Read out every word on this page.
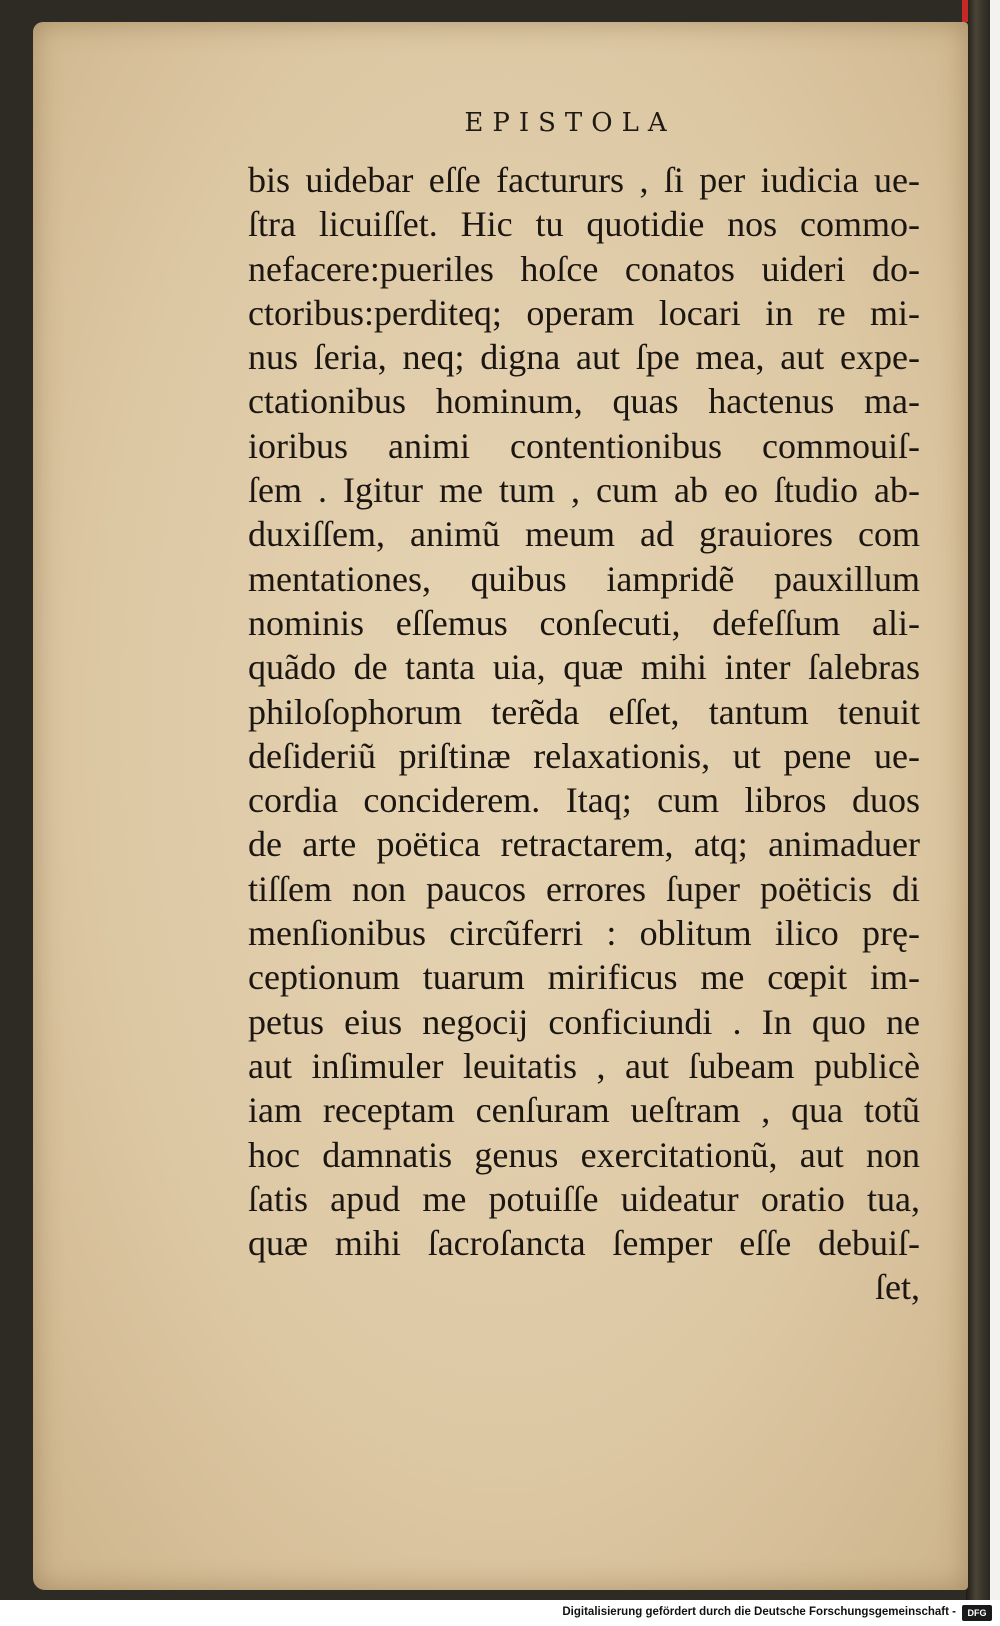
EPISTOLA
bis uidebar eſſe factururs , ſi per iudicia ue-
ſtra licuiſſet. Hic tu quotidie nos commo-
nefacere:pueriles hoſce conatos uideri do-
ctoribus:perditeq; operam locari in re mi-
nus ſeria, neq; digna aut ſpe mea, aut expe-
ctationibus hominum, quas hactenus ma-
ioribus animi contentionibus commouiſ-
ſem . Igitur me tum , cum ab eo ſtudio ab-
duxiſſem, animũ meum ad grauiores com
mentationes, quibus iampridẽ pauxillum
nominis eſſemus conſecuti, defeſſum ali-
quãdo de tanta uia, quæ mihi inter ſalebras
philoſophorum terẽda eſſet, tantum tenuit
deſideriũ priſtinæ relaxationis, ut pene ue-
cordia conciderem. Itaq; cum libros duos
de arte poëtica retractarem, atq; animaduer
tiſſem non paucos errores ſuper poëticis di
menſionibus circũferri : oblitum ilico prę-
ceptionum tuarum mirificus me cœpit im-
petus eius negocij conficiundi . In quo ne
aut inſimuler leuitatis , aut ſubeam publicè
iam receptam cenſuram ueſtram , qua totũ
hoc damnatis genus exercitationũ, aut non
ſatis apud me potuiſſe uideatur oratio tua,
quæ mihi ſacroſancta ſemper eſſe debuiſ-
ſet,
Digitalisierung gefördert durch die Deutsche Forschungsgemeinschaft -	DFG
